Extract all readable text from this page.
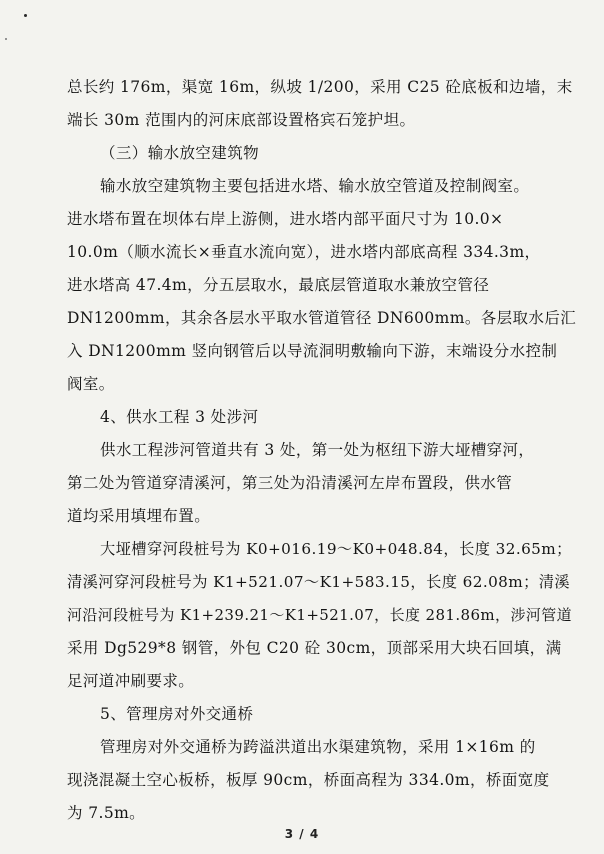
总长约 176m，渠宽 16m，纵坡 1/200，采用 C25 砼底板和边墙，末
端长 30m 范围内的河床底部设置格宾石笼护坦。
（三）输水放空建筑物
输水放空建筑物主要包括进水塔、输水放空管道及控制阀室。
进水塔布置在坝体右岸上游侧，进水塔内部平面尺寸为 10.0×
10.0m（顺水流长×垂直水流向宽），进水塔内部底高程 334.3m，
进水塔高 47.4m，分五层取水，最底层管道取水兼放空管径
DN1200mm，其余各层水平取水管道管径 DN600mm。各层取水后汇
入 DN1200mm 竖向钢管后以导流洞明敷输向下游，末端设分水控制
阀室。
4、供水工程 3 处涉河
供水工程涉河管道共有 3 处，第一处为枢纽下游大垭槽穿河，
第二处为管道穿清溪河，第三处为沿清溪河左岸布置段，供水管
道均采用填埋布置。
大垭槽穿河段桩号为 K0+016.19～K0+048.84，长度 32.65m；
清溪河穿河段桩号为 K1+521.07～K1+583.15，长度 62.08m；清溪
河沿河段桩号为 K1+239.21～K1+521.07，长度 281.86m，涉河管道
采用 Dg529*8 钢管，外包 C20 砼 30cm，顶部采用大块石回填，满
足河道冲刷要求。
5、管理房对外交通桥
管理房对外交通桥为跨溢洪道出水渠建筑物，采用 1×16m 的
现浇混凝土空心板桥，板厚 90cm，桥面高程为 334.0m，桥面宽度
为 7.5m。
3 / 4
